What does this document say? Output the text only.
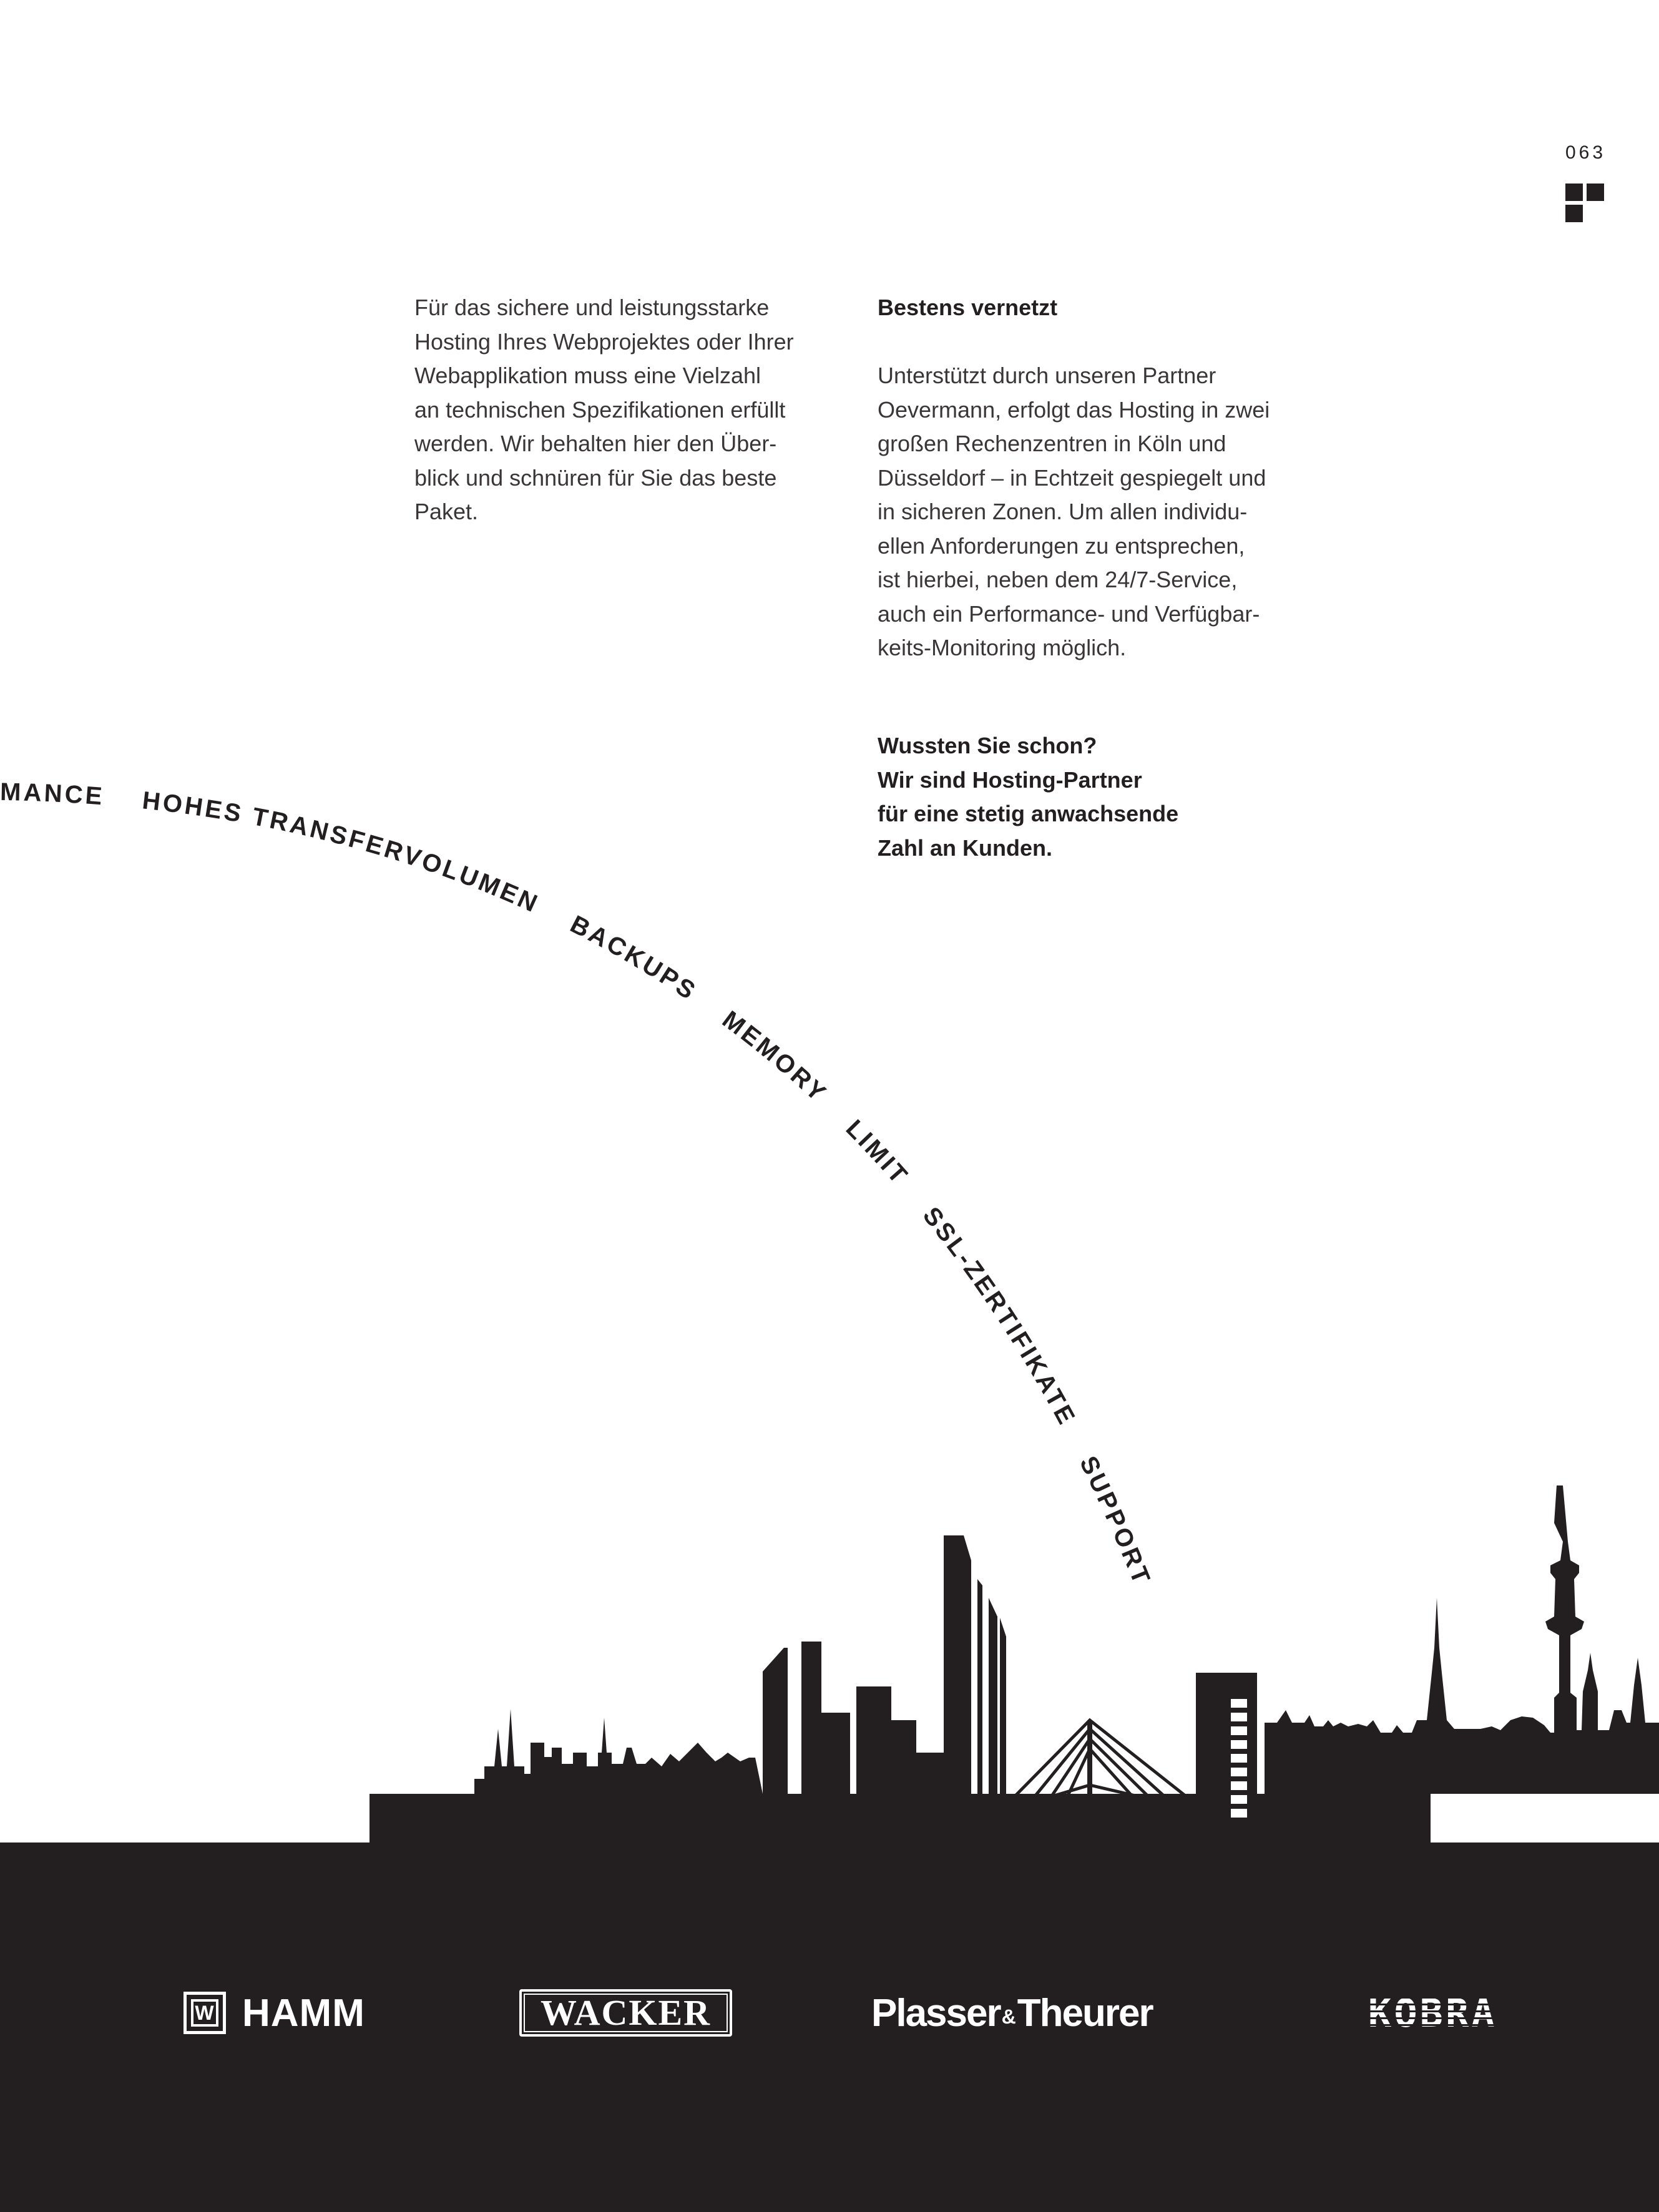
063

Für das sichere und leistungsstarke
Hosting Ihres Webprojektes oder Ihrer
Webapplikation muss eine Vielzahl
an technischen Spezifikationen erfüllt
werden. Wir behalten hier den Über-
blick und schnüren für Sie das beste
Paket.

Bestens vernetzt

Unterstützt durch unseren Partner
Oevermann, erfolgt das Hosting in zwei
großen Rechenzentren in Köln und
Düsseldorf – in Echtzeit gespiegelt und
in sicheren Zonen. Um allen individu-
ellen Anforderungen zu entsprechen,
ist hierbei, neben dem 24/7-Service,
auch ein Performance- und Verfügbar-
keits-Monitoring möglich.

Wussten Sie schon?
Wir sind Hosting-Partner
für eine stetig anwachsende
Zahl an Kunden.

MANCE    HOHES TRANSFERVOLUMEN    BACKUPS    MEMORY    LIMIT    SSL-ZERTIFIKATE    SUPPORT
W HAMM	WACKER	Plasser & Theurer	KOBRA
